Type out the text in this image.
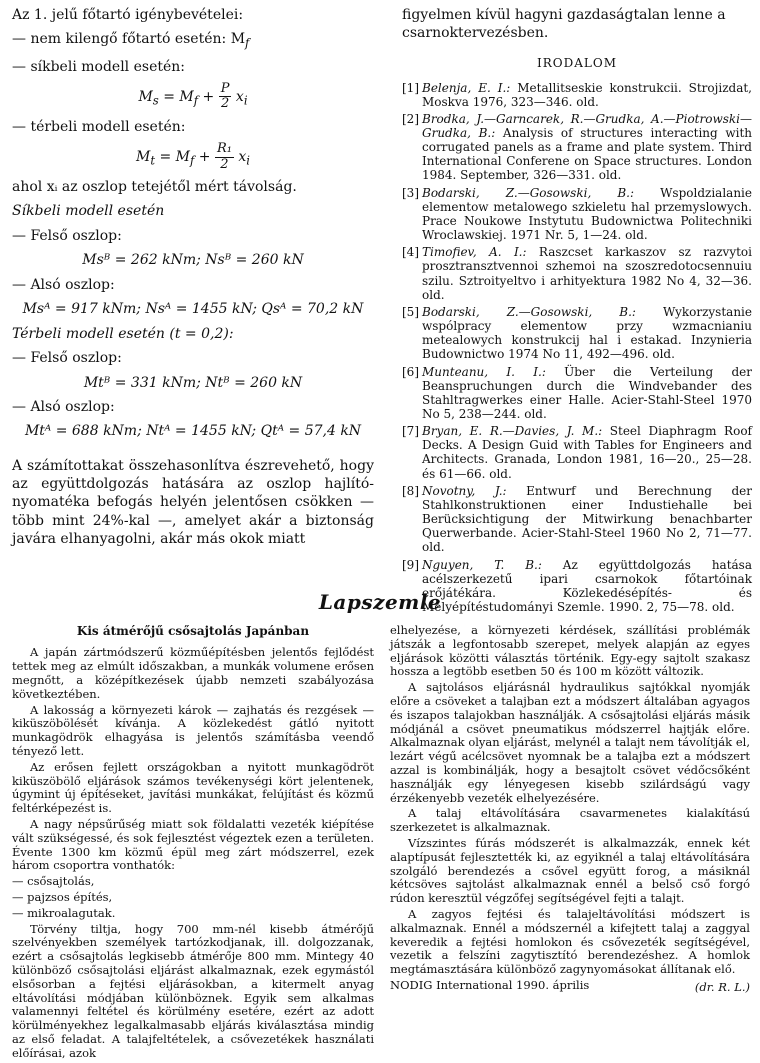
Az 1. jelű főtartó igénybevételei:

— nem kilengő főtartó esetén: $M_f$

— síkbeli modell esetén:

$M_s = M_f + \frac{P}{2} x_i$

— térbeli modell esetén:

$M_t = M_f + \frac{\text{R₁}}{2} x_i$

ahol xᵢ az oszlop tetejétől mért távolság.

Síkbeli modell esetén

— Felső oszlop:

Msᴮ = 262 kNm; Nsᴮ = 260 kN

— Alsó oszlop:

Msᴬ = 917 kNm; Nsᴬ = 1455 kN; Qsᴬ = 70,2 kN

Térbeli modell esetén (t = 0,2):

— Felső oszlop:

Mtᴮ = 331 kNm; Ntᴮ = 260 kN

— Alsó oszlop:

Mtᴬ = 688 kNm; Ntᴬ = 1455 kN; Qtᴬ = 57,4 kN

A számítottakat összehasonlítva észrevehető, hogy az együttdolgozás hatására az oszlop hajlítónyomatéka befogás helyén jelentősen csökken — több mint 24%-kal —, amelyet akár a biztonság javára elhanyagolni, akár más okok miatt

figyelmen kívül hagyni gazdaságtalan lenne a csarnoktervezésben.

IRODALOM

[1] Belenja, E. I.: Metallitseskie konstrukcii. Strojizdat, Moskva 1976, 323—346. old.
[2] Brodka, J.—Garncarek, R.—Grudka, A.—Piotrowski—Grudka, B.: Analysis of structures interacting with corrugated panels as a frame and plate system. Third International Conferene on Space structures. London 1984. September, 326—331. old.
[3] Bodarski, Z.—Gosowski, B.: Wspoldzialanie elementow metalowego szkieletu hal przemyslowych. Prace Noukowe Instytutu Budownictwa Politechniki Wroclawskiej. 1971 Nr. 5, 1—24. old.
[4] Timofiev, A. I.: Raszcset karkaszov sz razvytoi prosztransztvennoi szhemoi na szoszredotocsennuiu szilu. Sztroityeltvo i arhityektura 1982 No 4, 32—36. old.
[5] Bodarski, Z.—Gosowski, B.: Wykorzystanie wspólpracy elementow przy wzmacnianiu metealowych konstrukcij hal i estakad. Inzynieria Budownictwo 1974 No 11, 492—496. old.
[6] Munteanu, I. I.: Über die Verteilung der Beanspruchungen durch die Windvebander des Stahltragwerkes einer Halle. Acier-Stahl-Steel 1970 No 5, 238—244. old.
[7] Bryan, E. R.—Davies, J. M.: Steel Diaphragm Roof Decks. A Design Guid with Tables for Engineers and Architects. Granada, London 1981, 16—20., 25—28. és 61—66. old.
[8] Novotny, J.: Entwurf und Berechnung der Stahlkonstruktionen einer Industiehalle bei Berücksichtigung der Mitwirkung benachbarter Querwerbande. Acier-Stahl-Steel 1960 No 2, 71—77. old.
[9] Nguyen, T. B.: Az együttdolgozás hatása acélszerkezetű ipari csarnokok főtartóinak erőjátékára. Közlekedésépítés- és Mélyépítéstudományi Szemle. 1990. 2, 75—78. old.
Lapszemle

Kis átmérőjű csősajtolás Japánban

A japán zártmódszerű közműépítésben jelentős fejlődést tettek meg az elmúlt időszakban, a munkák volumene erősen megnőtt, a középítkezések újabb nemzeti szabályozása következtében.

A lakosság a környezeti károk — zajhatás és rezgések — kiküszöbölését kívánja. A közlekedést gátló nyitott munkagödrök elhagyása is jelentős számításba veendő tényező lett.

Az erősen fejlett országokban a nyitott munkagödröt kiküszöbölő eljárások számos tevékenységi kört jelentenek, úgymint új építéseket, javítási munkákat, felújítást és közmű feltérképezést is.

A nagy népsűrűség miatt sok földalatti vezeték kiépítése vált szükségessé, és sok fejlesztést végeztek ezen a területen. Évente 1300 km közmű épül meg zárt módszerrel, ezek három csoportra vonthatók:

— csősajtolás,

— pajzsos építés,

— mikroalagutak.

Törvény tiltja, hogy 700 mm-nél kisebb átmérőjű szelvényekben személyek tartózkodjanak, ill. dolgozzanak, ezért a csősajtolás legkisebb átmérője 800 mm. Mintegy 40 különböző csősajtolási eljárást alkalmaznak, ezek egymástól elsősorban a fejtési eljárásokban, a kitermelt anyag eltávolítási módjában különböznek. Egyik sem alkalmas valamennyi feltétel és körülmény esetére, ezért az adott körülményekhez legalkalmasabb eljárás kiválasztása mindig az első feladat. A talajfeltételek, a csővezetékek használati előírásai, azok

elhelyezése, a környezeti kérdések, szállítási problémák játszák a legfontosabb szerepet, melyek alapján az egyes eljárások közötti választás történik. Egy-egy sajtolt szakasz hossza a legtöbb esetben 50 és 100 m között változik.

A sajtolásos eljárásnál hydraulikus sajtókkal nyomják előre a csöveket a talajban ezt a módszert általában agyagos és iszapos talajokban használják. A csősajtolási eljárás másik módjánál a csövet pneumatikus módszerrel hajtják előre. Alkalmaznak olyan eljárást, melynél a talajt nem távolítják el, lezárt végű acélcsövet nyomnak be a talajba ezt a módszert azzal is kombinálják, hogy a besajtolt csövet védőcsőként használják egy lényegesen kisebb szilárdságú vagy érzékenyebb vezeték elhelyezésére.

A talaj eltávolítására csavarmenetes kialakítású szerkezetet is alkalmaznak.

Vízszintes fúrás módszerét is alkalmazzák, ennek két alaptípusát fejlesztették ki, az egyiknél a talaj eltávolítására szolgáló berendezés a csővel együtt forog, a másiknál kétcsöves sajtolást alkalmaznak ennél a belső cső forgó rúdon keresztül végzőfej segítségével fejti a talajt.

A zagyos fejtési és talajeltávolítási módszert is alkalmaznak. Ennél a módszernél a kifejtett talaj a zaggyal keveredik a fejtési homlokon és csővezeték segítségével, vezetik a felszíni zagytisztító berendezéshez. A homlok megtámasztására különböző zagynyomásokat állítanak elő.

NODIG International 1990. április	(dr. R. L.)
